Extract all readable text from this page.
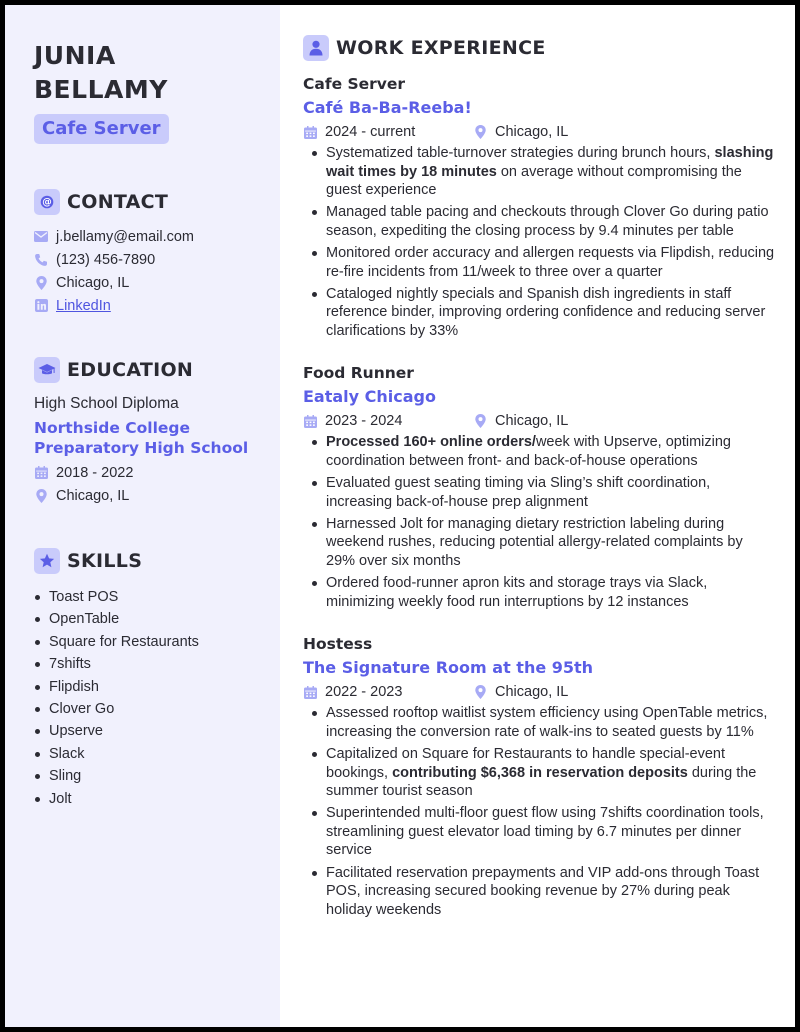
JUNIA
BELLAMY
Cafe Server
@ CONTACT
j.bellamy@email.com
(123) 456-7890
Chicago, IL
LinkedIn
EDUCATION
High School Diploma
Northside College Preparatory High School
2018 - 2022
Chicago, IL
SKILLS
Toast POS
OpenTable
Square for Restaurants
7shifts
Flipdish
Clover Go
Upserve
Slack
Sling
Jolt
WORK EXPERIENCE
Cafe Server
Café Ba-Ba-Reeba!
2024 - current	Chicago, IL
Systematized table-turnover strategies during brunch hours, slashing wait times by 18 minutes on average without compromising the guest experience
Managed table pacing and checkouts through Clover Go during patio season, expediting the closing process by 9.4 minutes per table
Monitored order accuracy and allergen requests via Flipdish, reducing re-fire incidents from 11/week to three over a quarter
Cataloged nightly specials and Spanish dish ingredients in staff reference binder, improving ordering confidence and reducing server clarifications by 33%
Food Runner
Eataly Chicago
2023 - 2024	Chicago, IL
Processed 160+ online orders/week with Upserve, optimizing coordination between front- and back-of-house operations
Evaluated guest seating timing via Sling’s shift coordination, increasing back-of-house prep alignment
Harnessed Jolt for managing dietary restriction labeling during weekend rushes, reducing potential allergy-related complaints by 29% over six months
Ordered food-runner apron kits and storage trays via Slack, minimizing weekly food run interruptions by 12 instances
Hostess
The Signature Room at the 95th
2022 - 2023	Chicago, IL
Assessed rooftop waitlist system efficiency using OpenTable metrics, increasing the conversion rate of walk-ins to seated guests by 11%
Capitalized on Square for Restaurants to handle special-event bookings, contributing $6,368 in reservation deposits during the summer tourist season
Superintended multi-floor guest flow using 7shifts coordination tools, streamlining guest elevator load timing by 6.7 minutes per dinner service
Facilitated reservation prepayments and VIP add-ons through Toast POS, increasing secured booking revenue by 27% during peak holiday weekends
